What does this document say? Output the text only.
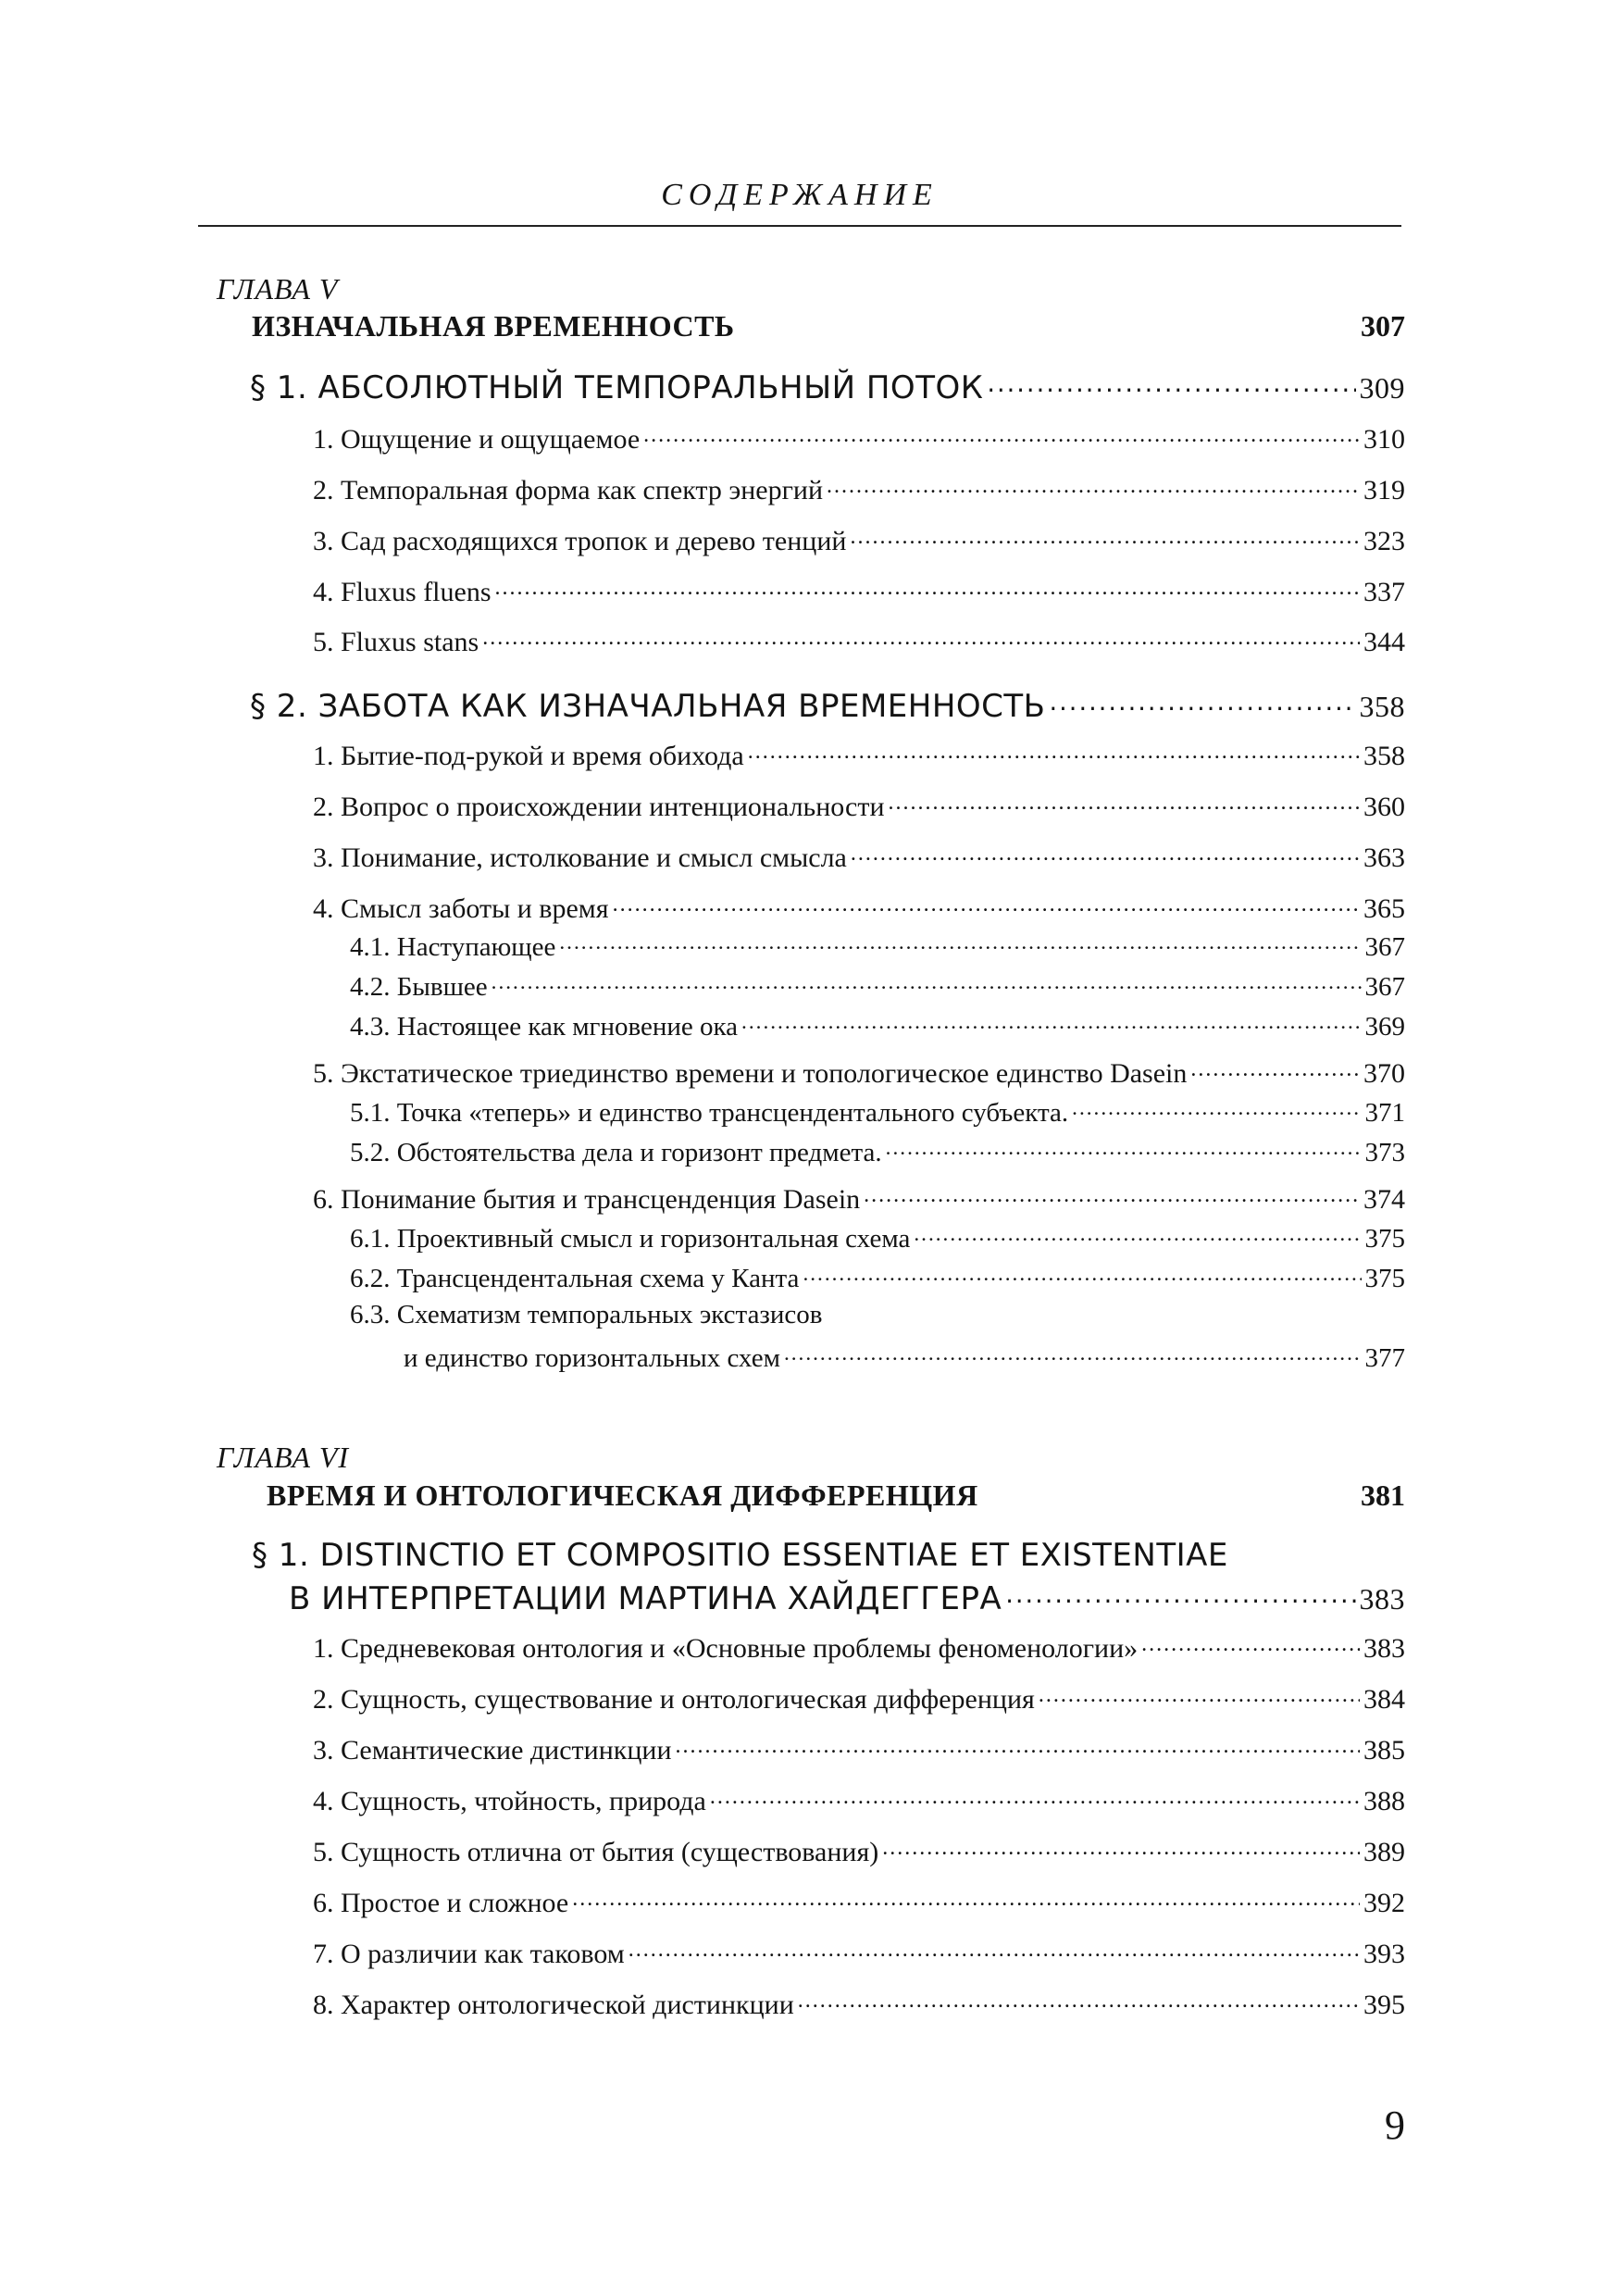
СОДЕРЖАНИЕ
ГЛАВА V
ИЗНАЧАЛЬНАЯ ВРЕМЕННОСТЬ	307
§ 1. АБСОЛЮТНЫЙ ТЕМПОРАЛЬНЫЙ ПОТОК .....	309
1. Ощущение и ощущаемое .....	310
2. Темпоральная форма как спектр энергий .....	319
3. Сад расходящихся тропок и дерево тенций .....	323
4. Fluxus fluens .....	337
5. Fluxus stans .....	344
§ 2. ЗАБОТА КАК ИЗНАЧАЛЬНАЯ ВРЕМЕННОСТЬ .....	358
1. Бытие-под-рукой и время обихода .....	358
2. Вопрос о происхождении интенциональности .....	360
3. Понимание, истолкование и смысл смысла .....	363
4. Смысл заботы и время .....	365
4.1. Наступающее .....	367
4.2. Бывшее .....	367
4.3. Настоящее как мгновение ока .....	369
5. Экстатическое триединство времени и топологическое единство Dasein .....	370
5.1. Точка «теперь» и единство трансцендентального субъекта. .....	371
5.2. Обстоятельства дела и горизонт предмета. .....	373
6. Понимание бытия и трансценденция Dasein .....	374
6.1. Проективный смысл и горизонтальная схема .....	375
6.2. Трансцендентальная схема у Канта .....	375
6.3. Схематизм темпоральных экстазисов
и единство горизонтальных схем .....	377
ГЛАВА VI
ВРЕМЯ И ОНТОЛОГИЧЕСКАЯ ДИФФЕРЕНЦИЯ	381
§ 1. DISTINCTIO ET COMPOSITIO ESSENTIAE ET EXISTENTIAE
В ИНТЕРПРЕТАЦИИ МАРТИНА ХАЙДЕГГЕРА .....	383
1. Средневековая онтология и «Основные проблемы феноменологии» .....	383
2. Сущность, существование и онтологическая дифференция .....	384
3. Семантические дистинкции .....	385
4. Сущность, чтойность, природа .....	388
5. Сущность отлична от бытия (существования) .....	389
6. Простое и сложное .....	392
7. О различии как таковом .....	393
8. Характер онтологической дистинкции .....	395
9
